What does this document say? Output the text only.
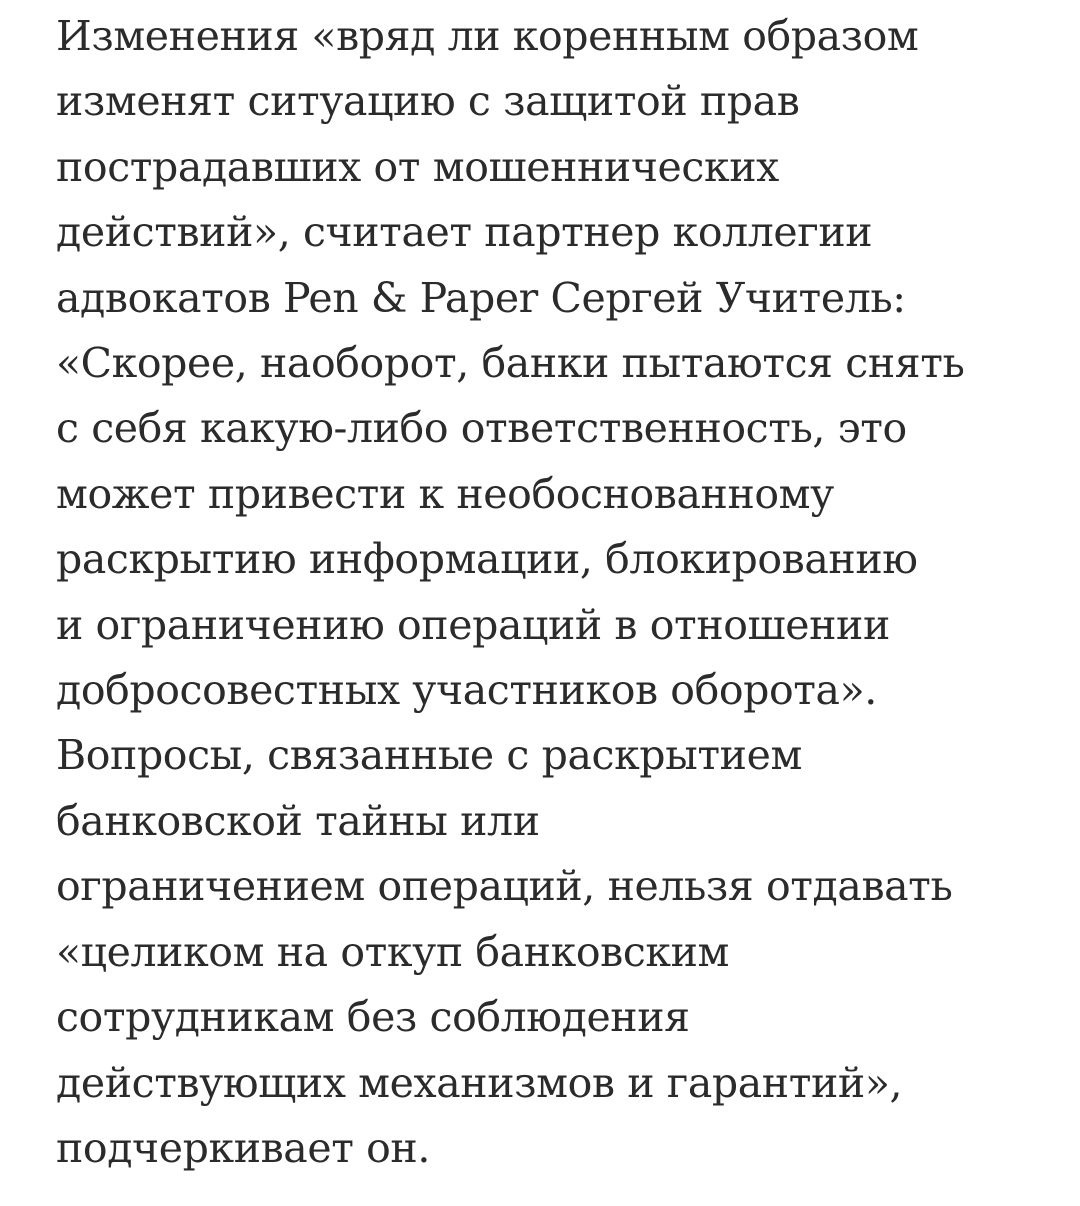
Изменения «вряд ли коренным образом
изменят ситуацию с защитой прав
пострадавших от мошеннических
действий», считает партнер коллегии
адвокатов Pen & Paper Сергей Учитель:
«Скорее, наоборот, банки пытаются снять
с себя какую-либо ответственность, это
может привести к необоснованному
раскрытию информации, блокированию
и ограничению операций в отношении
добросовестных участников оборота».
Вопросы, связанные с раскрытием
банковской тайны или
ограничением операций, нельзя отдавать
«целиком на откуп банковским
сотрудникам без соблюдения
действующих механизмов и гарантий»,
подчеркивает он.
